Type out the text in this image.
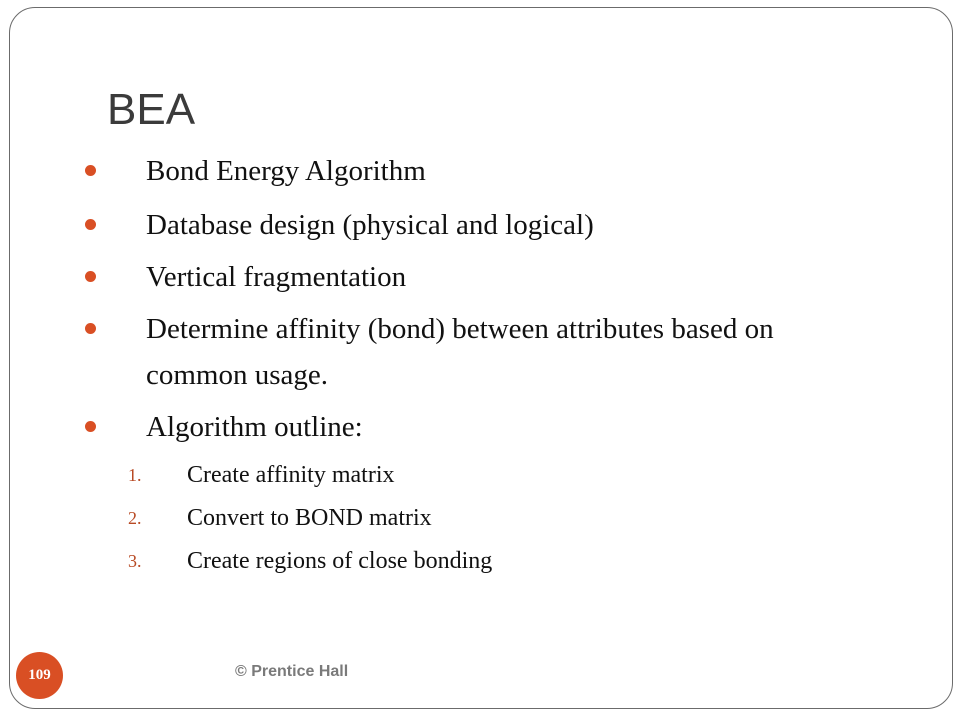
BEA
Bond Energy Algorithm
Database design (physical and logical)
Vertical fragmentation
Determine affinity (bond) between attributes based on common usage.
Algorithm outline:
1. Create affinity matrix
2. Convert to BOND matrix
3. Create regions of close bonding
109	© Prentice Hall
